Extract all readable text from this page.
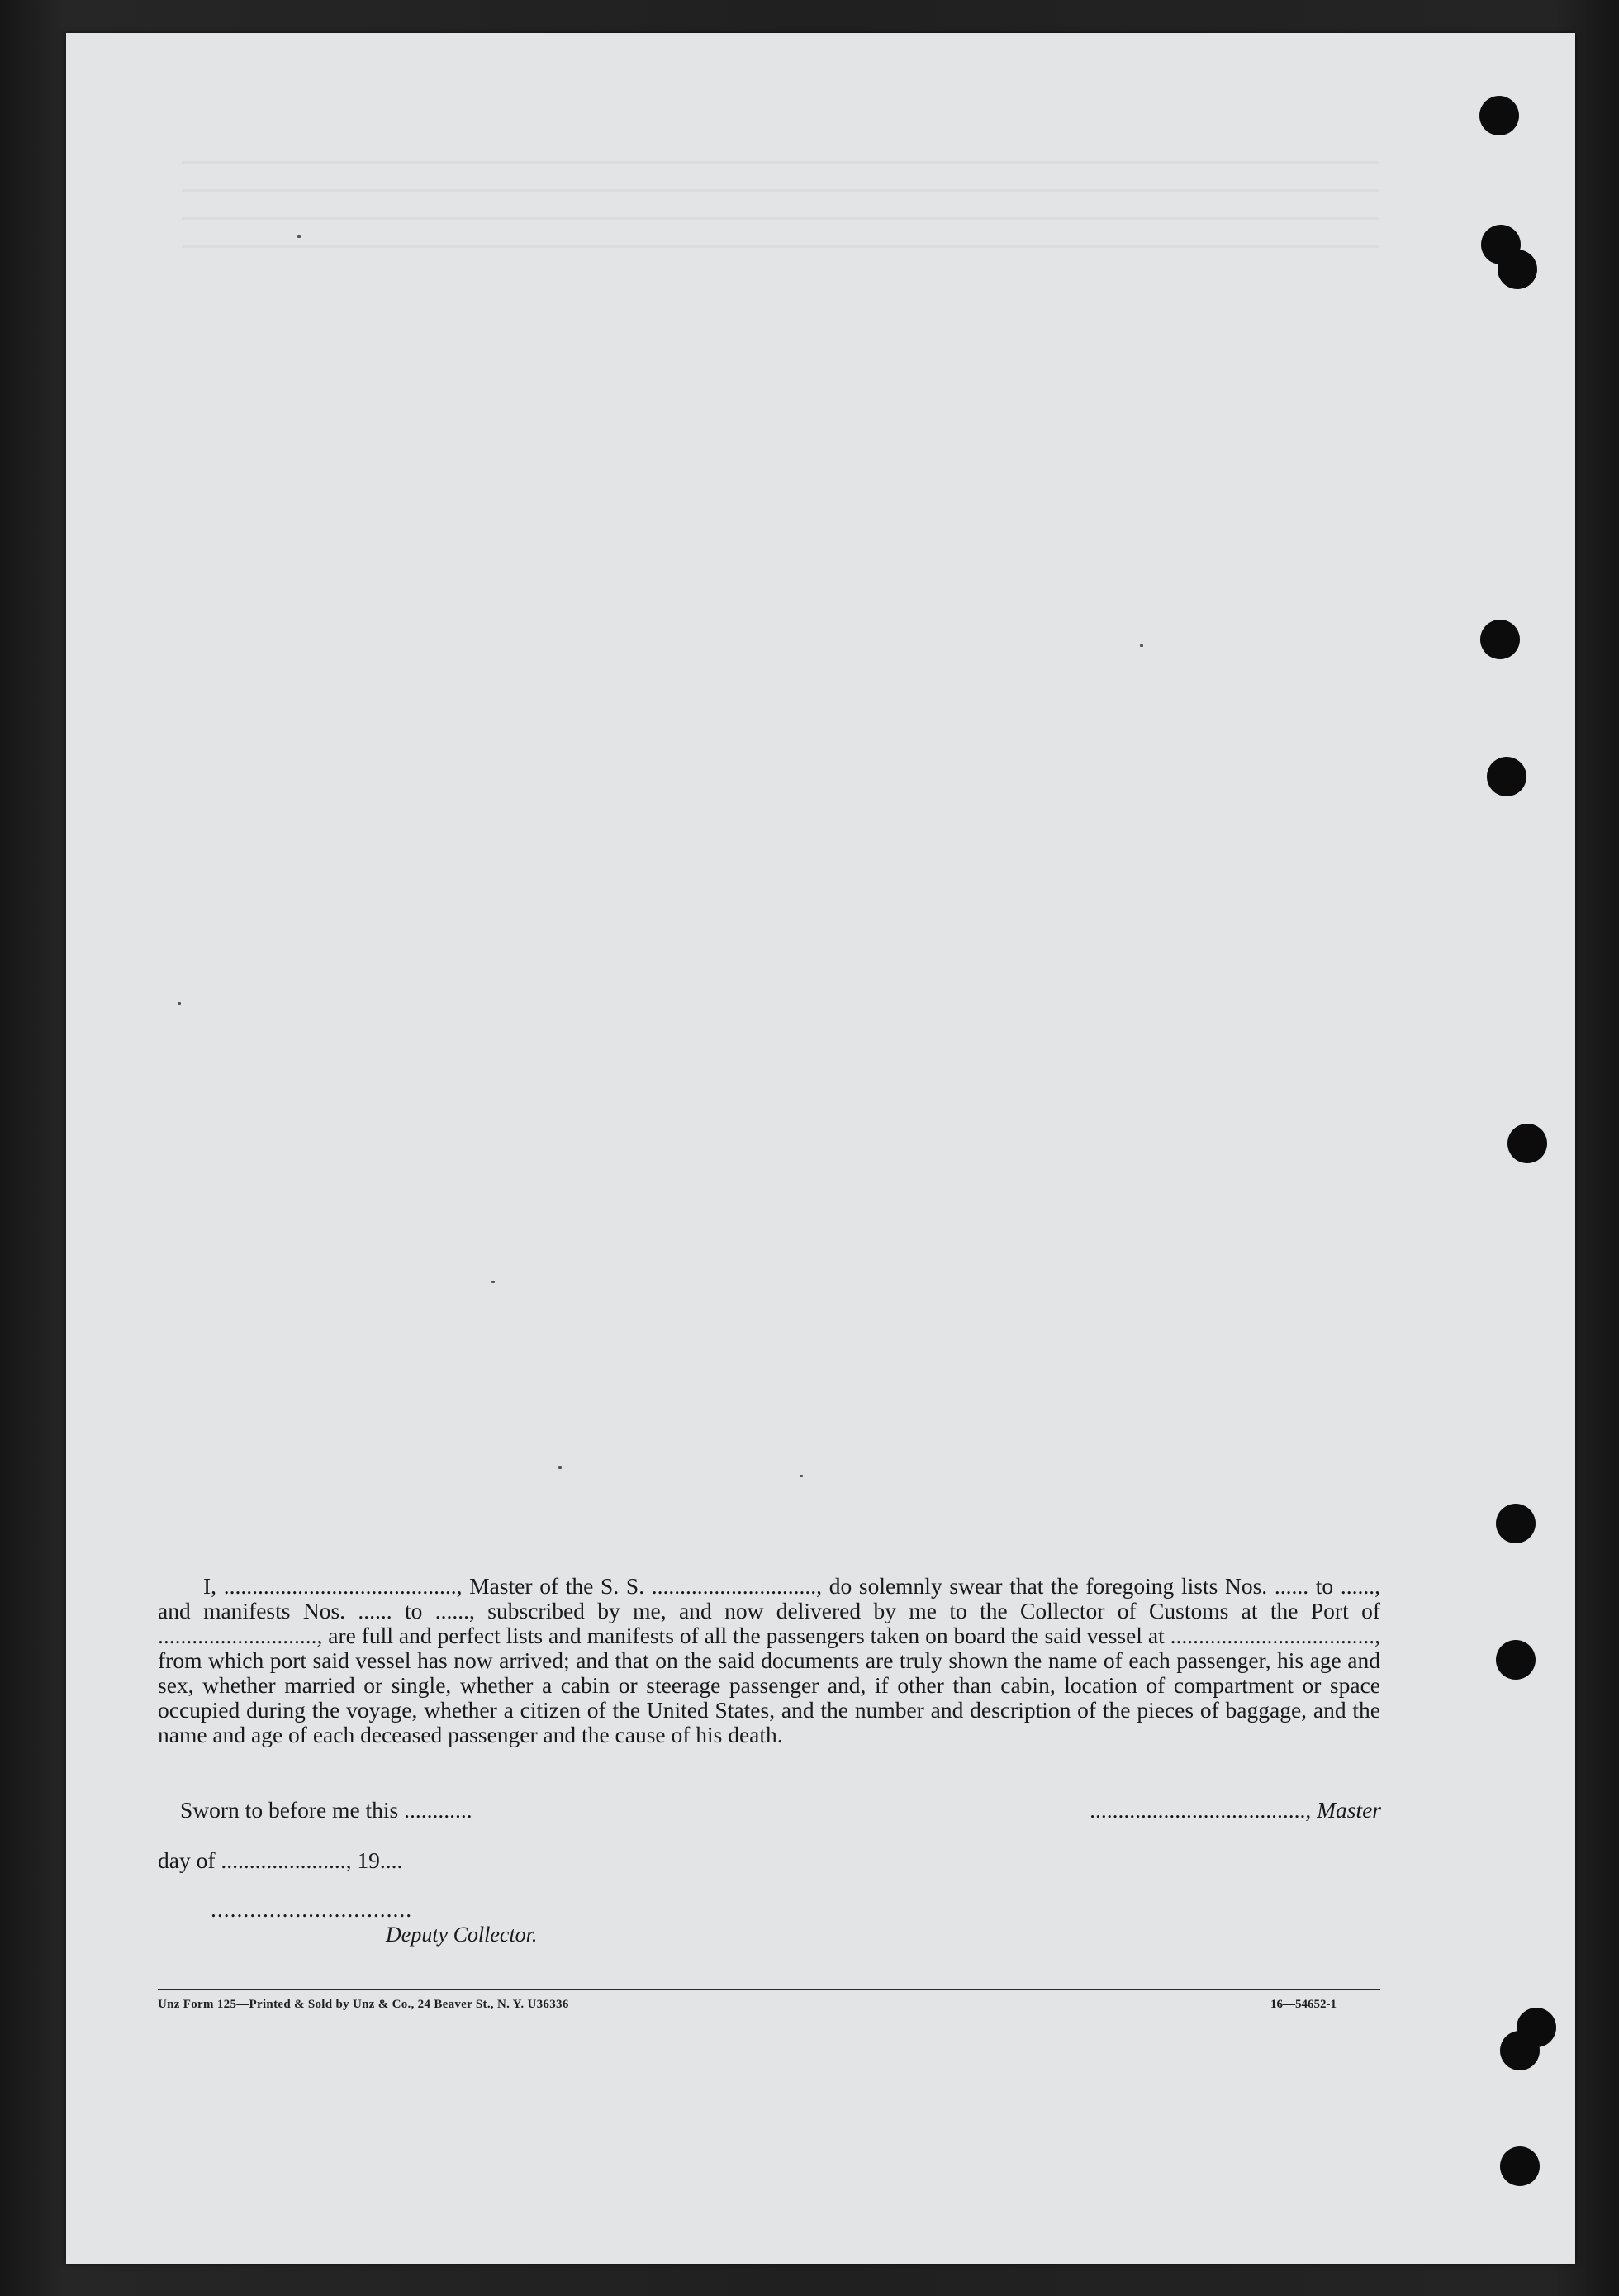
I, ........................................., Master of the S. S. ............................., do solemnly swear that the foregoing lists Nos. ...... to ......, and manifests Nos. ...... to ......, subscribed by me, and now delivered by me to the Collector of Customs at the Port of ............................, are full and perfect lists and manifests of all the passengers taken on board the said vessel at ...................................., from which port said vessel has now arrived; and that on the said documents are truly shown the name of each passenger, his age and sex, whether married or single, whether a cabin or steerage passenger and, if other than cabin, location of compartment or space occupied during the voyage, whether a citizen of the United States, and the number and description of the pieces of baggage, and the name and age of each deceased passenger and the cause of his death.

Sworn to before me this ............	......................................, Master
day of ......................, 19....
...............................
Deputy Collector.
Unz Form 125—Printed & Sold by Unz & Co., 24 Beaver St., N. Y. U36336	16—54652-1
